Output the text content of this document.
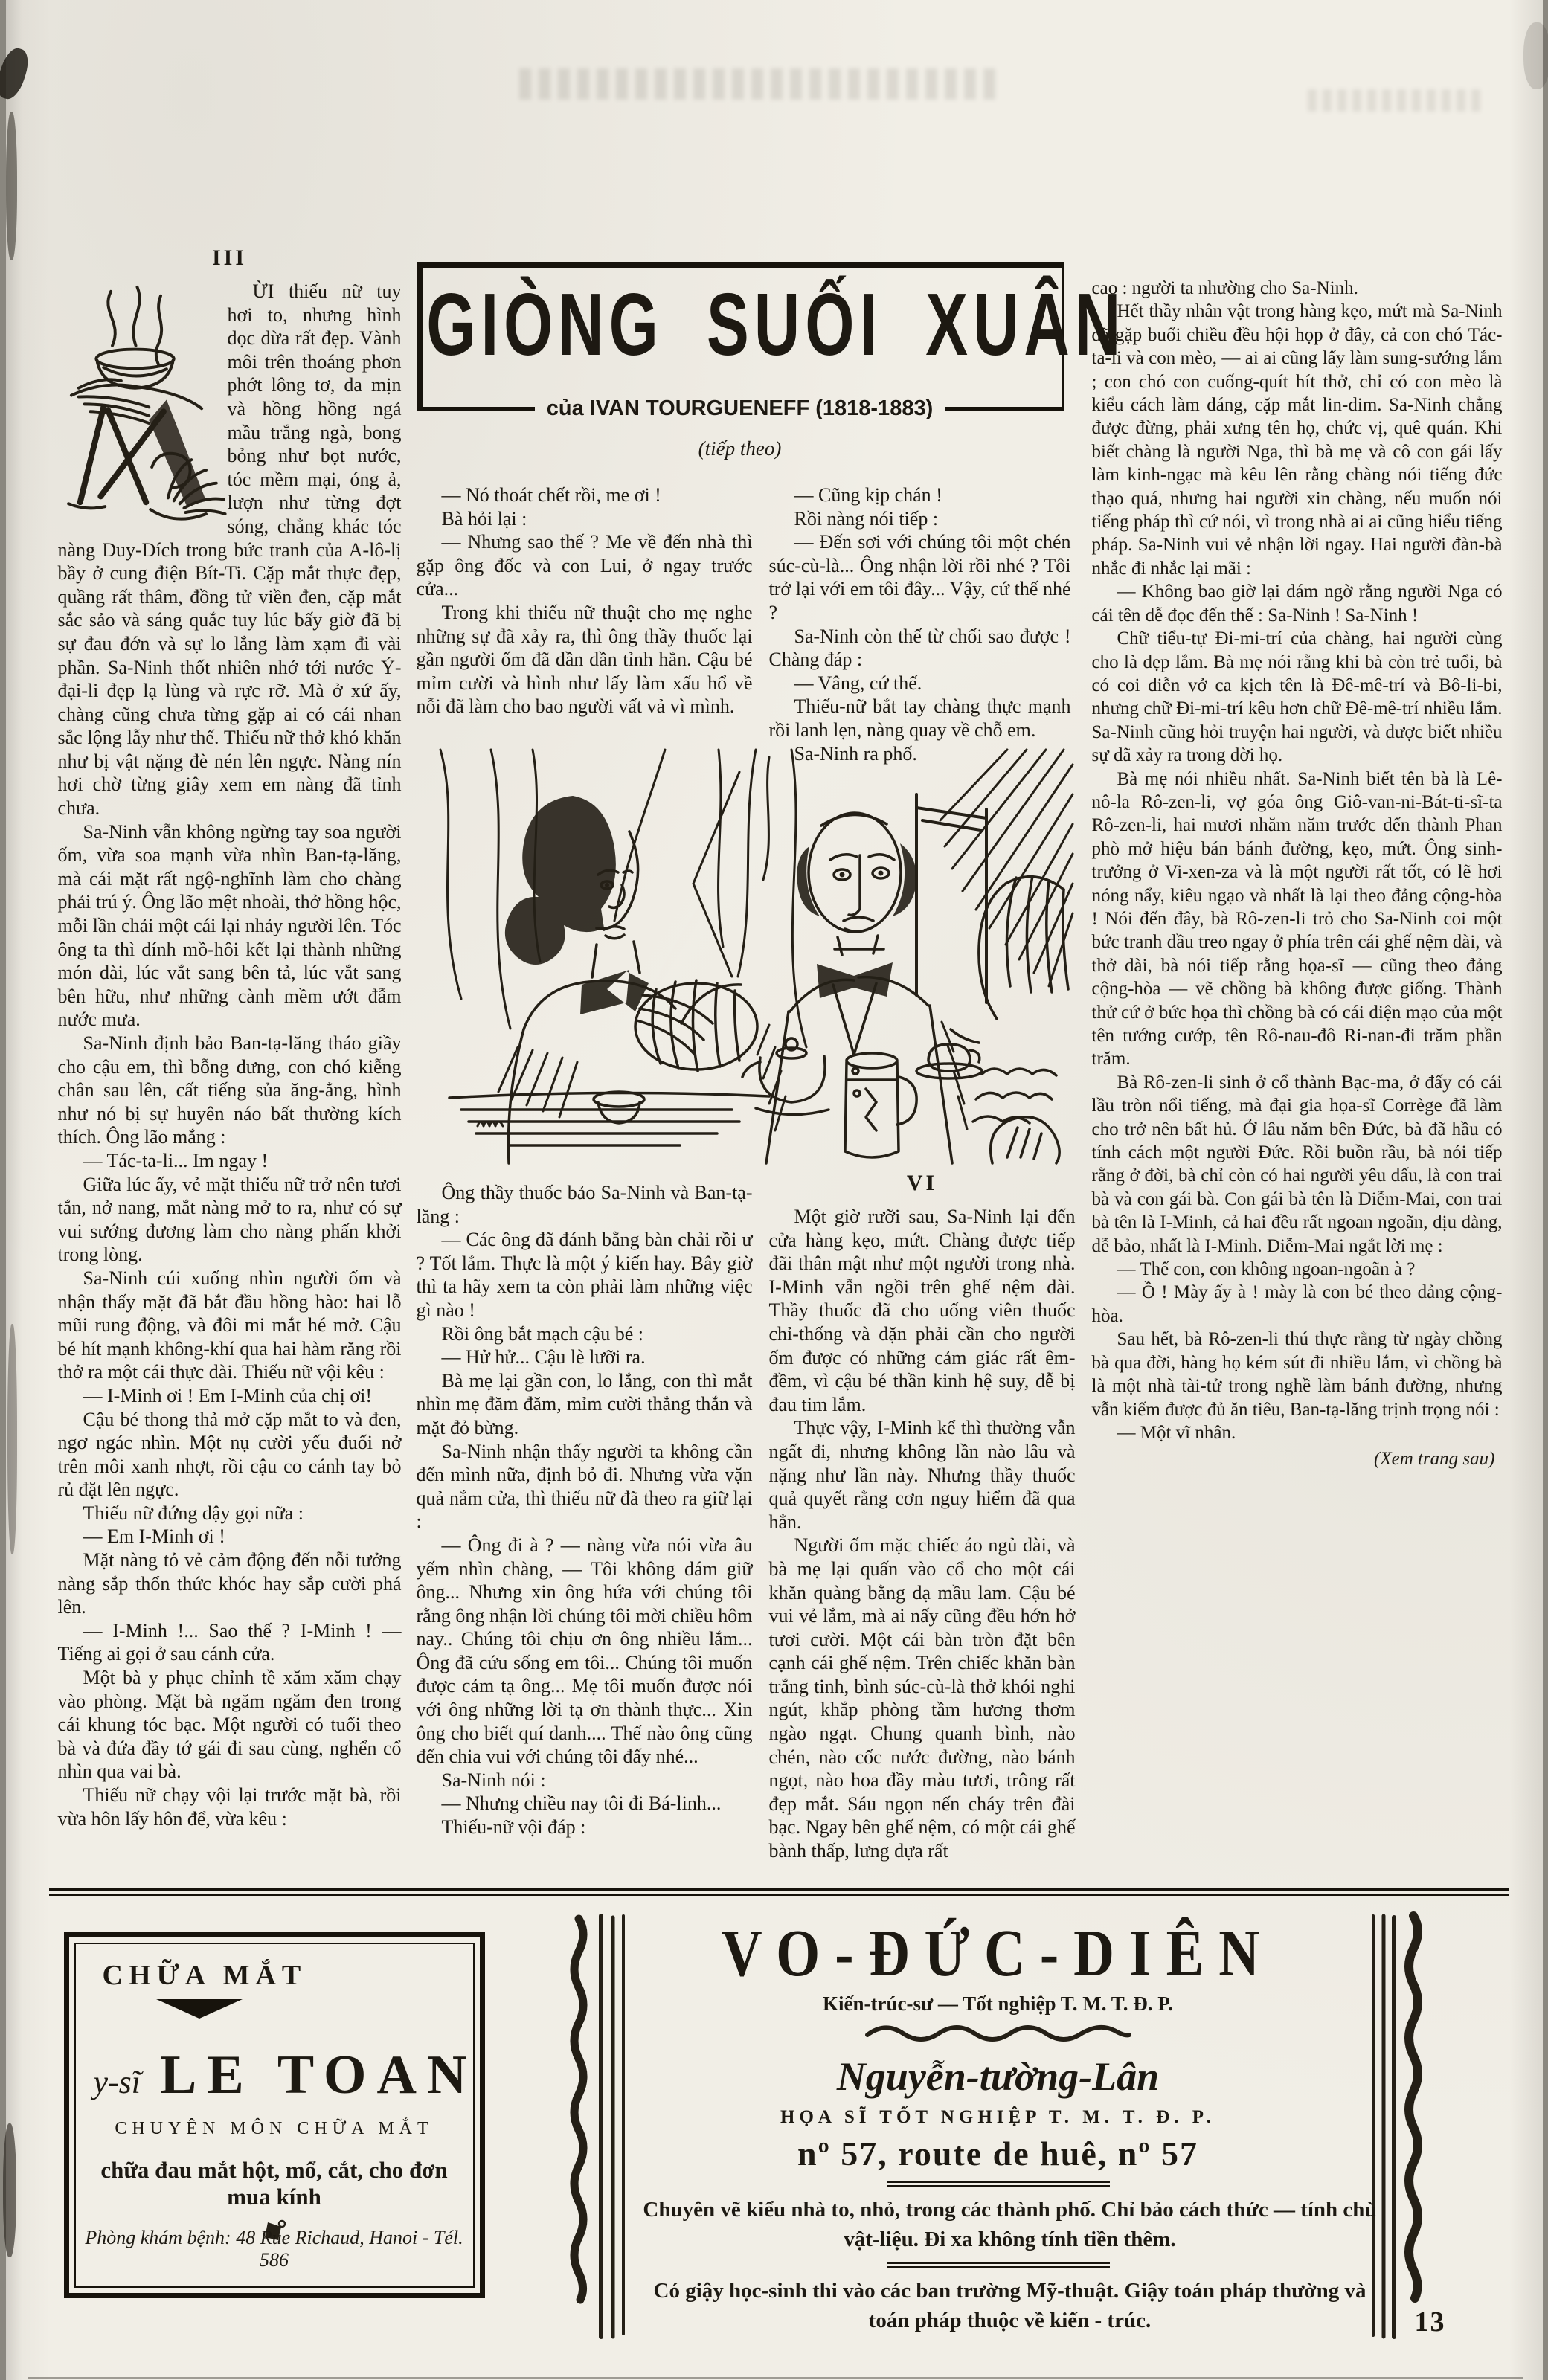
III

ỪI thiếu nữ tuy hơi to, nhưng hình dọc dừa rất đẹp. Vành môi trên thoáng phơn phớt lông tơ, da mịn và hồng hồng ngả mầu trắng ngà, bong bỏng như bọt nước, tóc mềm mại, óng ả, lượn như từng đợt sóng, chẳng khác tóc nàng Duy-Đích trong bức tranh của A-lô-lị bầy ở cung điện Bít-Ti. Cặp mắt thực đẹp, quầng rất thâm, đồng tử viền đen, cặp mắt sắc sảo và sáng quắc tuy lúc bấy giờ đã bị sự đau đớn và sự lo lắng làm xạm đi vài phần. Sa-Ninh thốt nhiên nhớ tới nước Ý-đại-li đẹp lạ lùng và rực rỡ. Mà ở xứ ấy, chàng cũng chưa từng gặp ai có cái nhan sắc lộng lẫy như thế. Thiếu nữ thở khó khăn như bị vật nặng đè nén lên ngực. Nàng nín hơi chờ từng giây xem em nàng đã tỉnh chưa.

Sa-Ninh vẫn không ngừng tay soa người ốm, vừa soa mạnh vừa nhìn Ban-tạ-lăng, mà cái mặt rất ngộ-nghĩnh làm cho chàng phải trú ý. Ông lão mệt nhoài, thở hồng hộc, mỗi lần chải một cái lại nhảy người lên. Tóc ông ta thì dính mồ-hôi kết lại thành những món dài, lúc vắt sang bên tả, lúc vắt sang bên hữu, như những cành mềm ướt đẫm nước mưa.

Sa-Ninh định bảo Ban-tạ-lăng tháo giầy cho cậu em, thì bỗng dưng, con chó kiễng chân sau lên, cất tiếng sủa ăng-ẳng, hình như nó bị sự huyên náo bất thường kích thích. Ông lão mắng :

— Tác-ta-li... Im ngay !

Giữa lúc ấy, vẻ mặt thiếu nữ trở nên tươi tắn, nở nang, mắt nàng mở to ra, như có sự vui sướng đương làm cho nàng phấn khởi trong lòng.

Sa-Ninh cúi xuống nhìn người ốm và nhận thấy mặt đã bắt đầu hồng hào: hai lỗ mũi rung động, và đôi mi mắt hé mở. Cậu bé hít mạnh không-khí qua hai hàm răng rồi thở ra một cái thực dài. Thiếu nữ vội kêu :

— I-Minh ơi ! Em I-Minh của chị ơi!

Cậu bé thong thả mở cặp mắt to và đen, ngơ ngác nhìn. Một nụ cười yếu đuối nở trên môi xanh nhợt, rồi cậu co cánh tay bỏ rủ đặt lên ngực.

Thiếu nữ đứng dậy gọi nữa :

— Em I-Minh ơi !

Mặt nàng tỏ vẻ cảm động đến nỗi tưởng nàng sắp thổn thức khóc hay sắp cười phá lên.

— I-Minh !... Sao thế ? I-Minh ! — Tiếng ai gọi ở sau cánh cửa.

Một bà y phục chỉnh tề xăm xăm chạy vào phòng. Mặt bà ngăm ngăm đen trong cái khung tóc bạc. Một người có tuổi theo bà và đứa đầy tớ gái đi sau cùng, nghển cổ nhìn qua vai bà.

Thiếu nữ chạy vội lại trước mặt bà, rồi vừa hôn lấy hôn để, vừa kêu :

GIÒNG SUỐI XUÂN
của IVAN TOURGUENEFF (1818-1883)
(tiếp theo)

— Nó thoát chết rồi, me ơi !

Bà hỏi lại :

— Nhưng sao thế ? Me về đến nhà thì gặp ông đốc và con Lui, ở ngay trước cửa...

Trong khi thiếu nữ thuật cho mẹ nghe những sự đã xảy ra, thì ông thầy thuốc lại gần người ốm đã dần dần tỉnh hẳn. Cậu bé mỉm cười và hình như lấy làm xấu hổ về nỗi đã làm cho bao người vất vả vì mình.

— Cũng kịp chán !

Rồi nàng nói tiếp :

— Đến sơi với chúng tôi một chén súc-cù-là... Ông nhận lời rồi nhé ? Tôi trở lại với em tôi đây... Vậy, cứ thế nhé ?

Sa-Ninh còn thế từ chối sao được ! Chàng đáp :

— Vâng, cứ thế.

Thiếu-nữ bắt tay chàng thực mạnh rồi lanh lẹn, nàng quay về chỗ em.

Sa-Ninh ra phố.

Ông thầy thuốc bảo Sa-Ninh và Ban-tạ-lăng :

— Các ông đã đánh bằng bàn chải rồi ư ? Tốt lắm. Thực là một ý kiến hay. Bây giờ thì ta hãy xem ta còn phải làm những việc gì nào !

Rồi ông bắt mạch cậu bé :

— Hử hử... Cậu lè lưỡi ra.

Bà mẹ lại gần con, lo lắng, con thì mắt nhìn mẹ đăm đăm, mỉm cười thẳng thắn và mặt đỏ bừng.

Sa-Ninh nhận thấy người ta không cần đến mình nữa, định bỏ đi. Nhưng vừa vặn quả nắm cửa, thì thiếu nữ đã theo ra giữ lại :

— Ông đi à ? — nàng vừa nói vừa âu yếm nhìn chàng, — Tôi không dám giữ ông... Nhưng xin ông hứa với chúng tôi rằng ông nhận lời chúng tôi mời chiều hôm nay.. Chúng tôi chịu ơn ông nhiều lắm... Ông đã cứu sống em tôi... Chúng tôi muốn được cảm tạ ông... Mẹ tôi muốn được nói với ông những lời tạ ơn thành thực... Xin ông cho biết quí danh.... Thế nào ông cũng đến chia vui với chúng tôi đấy nhé...

Sa-Ninh nói :

— Nhưng chiều nay tôi đi Bá-linh...

Thiếu-nữ vội đáp :

VI

Một giờ rưỡi sau, Sa-Ninh lại đến cửa hàng kẹo, mứt. Chàng được tiếp đãi thân mật như một người trong nhà. I-Minh vẫn ngồi trên ghế nệm dài. Thầy thuốc đã cho uống viên thuốc chỉ-thống và dặn phải cần cho người ốm được có những cảm giác rất êm-đềm, vì cậu bé thần kinh hệ suy, dễ bị đau tim lắm.

Thực vậy, I-Minh kể thì thường vẫn ngất đi, nhưng không lần nào lâu và nặng như lần này. Nhưng thầy thuốc quả quyết rằng cơn nguy hiểm đã qua hẳn.

Người ốm mặc chiếc áo ngủ dài, và bà mẹ lại quấn vào cổ cho một cái khăn quàng bằng dạ mầu lam. Cậu bé vui vẻ lắm, mà ai nấy cũng đều hớn hở tươi cười. Một cái bàn tròn đặt bên cạnh cái ghế nệm. Trên chiếc khăn bàn trắng tinh, bình súc-cù-là thở khói nghi ngút, khắp phòng tầm hương thơm ngào ngạt. Chung quanh bình, nào chén, nào cốc nước đường, nào bánh ngọt, nào hoa đầy màu tươi, trông rất đẹp mắt. Sáu ngọn nến cháy trên đài bạc. Ngay bên ghế nệm, có một cái ghế bành thấp, lưng dựa rất

cao : người ta nhường cho Sa-Ninh.

Hết thầy nhân vật trong hàng kẹo, mứt mà Sa-Ninh đã gặp buổi chiều đều hội họp ở đây, cả con chó Tác-ta-li và con mèo, — ai ai cũng lấy làm sung-sướng lắm ; con chó con cuống-quít hít thở, chỉ có con mèo là kiểu cách làm dáng, cặp mắt lin-dim. Sa-Ninh chẳng được đừng, phải xưng tên họ, chức vị, quê quán. Khi biết chàng là người Nga, thì bà mẹ và cô con gái lấy làm kinh-ngạc mà kêu lên rằng chàng nói tiếng đức thạo quá, nhưng hai người xin chàng, nếu muốn nói tiếng pháp thì cứ nói, vì trong nhà ai ai cũng hiểu tiếng pháp. Sa-Ninh vui vẻ nhận lời ngay. Hai người đàn-bà nhắc đi nhắc lại mãi :

— Không bao giờ lại dám ngờ rằng người Nga có cái tên dễ đọc đến thế : Sa-Ninh ! Sa-Ninh !

Chữ tiểu-tự Đi-mi-trí của chàng, hai người cùng cho là đẹp lắm. Bà mẹ nói rằng khi bà còn trẻ tuổi, bà có coi diễn vở ca kịch tên là Đê-mê-trí và Bô-li-bi, nhưng chữ Đi-mi-trí kêu hơn chữ Đê-mê-trí nhiều lắm. Sa-Ninh cũng hỏi truyện hai người, và được biết nhiều sự đã xảy ra trong đời họ.

Bà mẹ nói nhiều nhất. Sa-Ninh biết tên bà là Lê-nô-la Rô-zen-li, vợ góa ông Giô-van-ni-Bát-ti-sĩ-ta Rô-zen-li, hai mươi nhăm năm trước đến thành Phan phò mở hiệu bán bánh đường, kẹo, mứt. Ông sinh-trưởng ở Vi-xen-za và là một người rất tốt, có lẽ hơi nóng nẩy, kiêu ngạo và nhất là lại theo đảng cộng-hòa ! Nói đến đây, bà Rô-zen-li trỏ cho Sa-Ninh coi một bức tranh dầu treo ngay ở phía trên cái ghế nệm dài, và thở dài, bà nói tiếp rằng họa-sĩ — cũng theo đảng cộng-hòa — vẽ chồng bà không được giống. Thành thử cứ ở bức họa thì chồng bà có cái diện mạo của một tên tướng cướp, tên Rô-nau-đô Ri-nan-đi trăm phần trăm.

Bà Rô-zen-li sinh ở cổ thành Bạc-ma, ở đấy có cái lầu tròn nổi tiếng, mà đại gia họa-sĩ Corrège đã làm cho trở nên bất hủ. Ở lâu năm bên Đức, bà đã hầu có tính cách một người Đức. Rồi buồn rầu, bà nói tiếp rằng ở đời, bà chỉ còn có hai người yêu dấu, là con trai bà và con gái bà. Con gái bà tên là Diễm-Mai, con trai bà tên là I-Minh, cả hai đều rất ngoan ngoãn, dịu dàng, dễ bảo, nhất là I-Minh. Diễm-Mai ngắt lời mẹ :

— Thế con, con không ngoan-ngoãn à ?

— Ồ ! Mày ấy à ! mày là con bé theo đảng cộng-hòa.

Sau hết, bà Rô-zen-li thú thực rằng từ ngày chồng bà qua đời, hàng họ kém sút đi nhiều lắm, vì chồng bà là một nhà tài-tử trong nghề làm bánh đường, nhưng vẫn kiếm được đủ ăn tiêu, Ban-tạ-lăng trịnh trọng nói :

— Một vĩ nhân.

(Xem trang sau)
CHỮA MẮT
y-sĩ LE TOAN
CHUYÊN MÔN CHỮA MẮT
chữa đau mắt hột, mổ, cắt, cho đơn
mua kính
Phòng khám bệnh: 48 Rue Richaud, Hanoi - Tél. 586
VO-ĐỨC-DIÊN
Kiến-trúc-sư — Tốt nghiệp T. M. T. Đ. P.
Nguyễn-tường-Lân
HỌA SĨ TỐT NGHIỆP T. M. T. Đ. P.
nº 57, route de huê, nº 57
Chuyên vẽ kiểu nhà to, nhỏ, trong các thành phố. Chỉ bảo cách thức — tính chù vật-liệu. Đi xa không tính tiền thêm.
Có giậy học-sinh thi vào các ban trường Mỹ-thuật. Giậy toán pháp thường và toán pháp thuộc về kiến - trúc.	13
